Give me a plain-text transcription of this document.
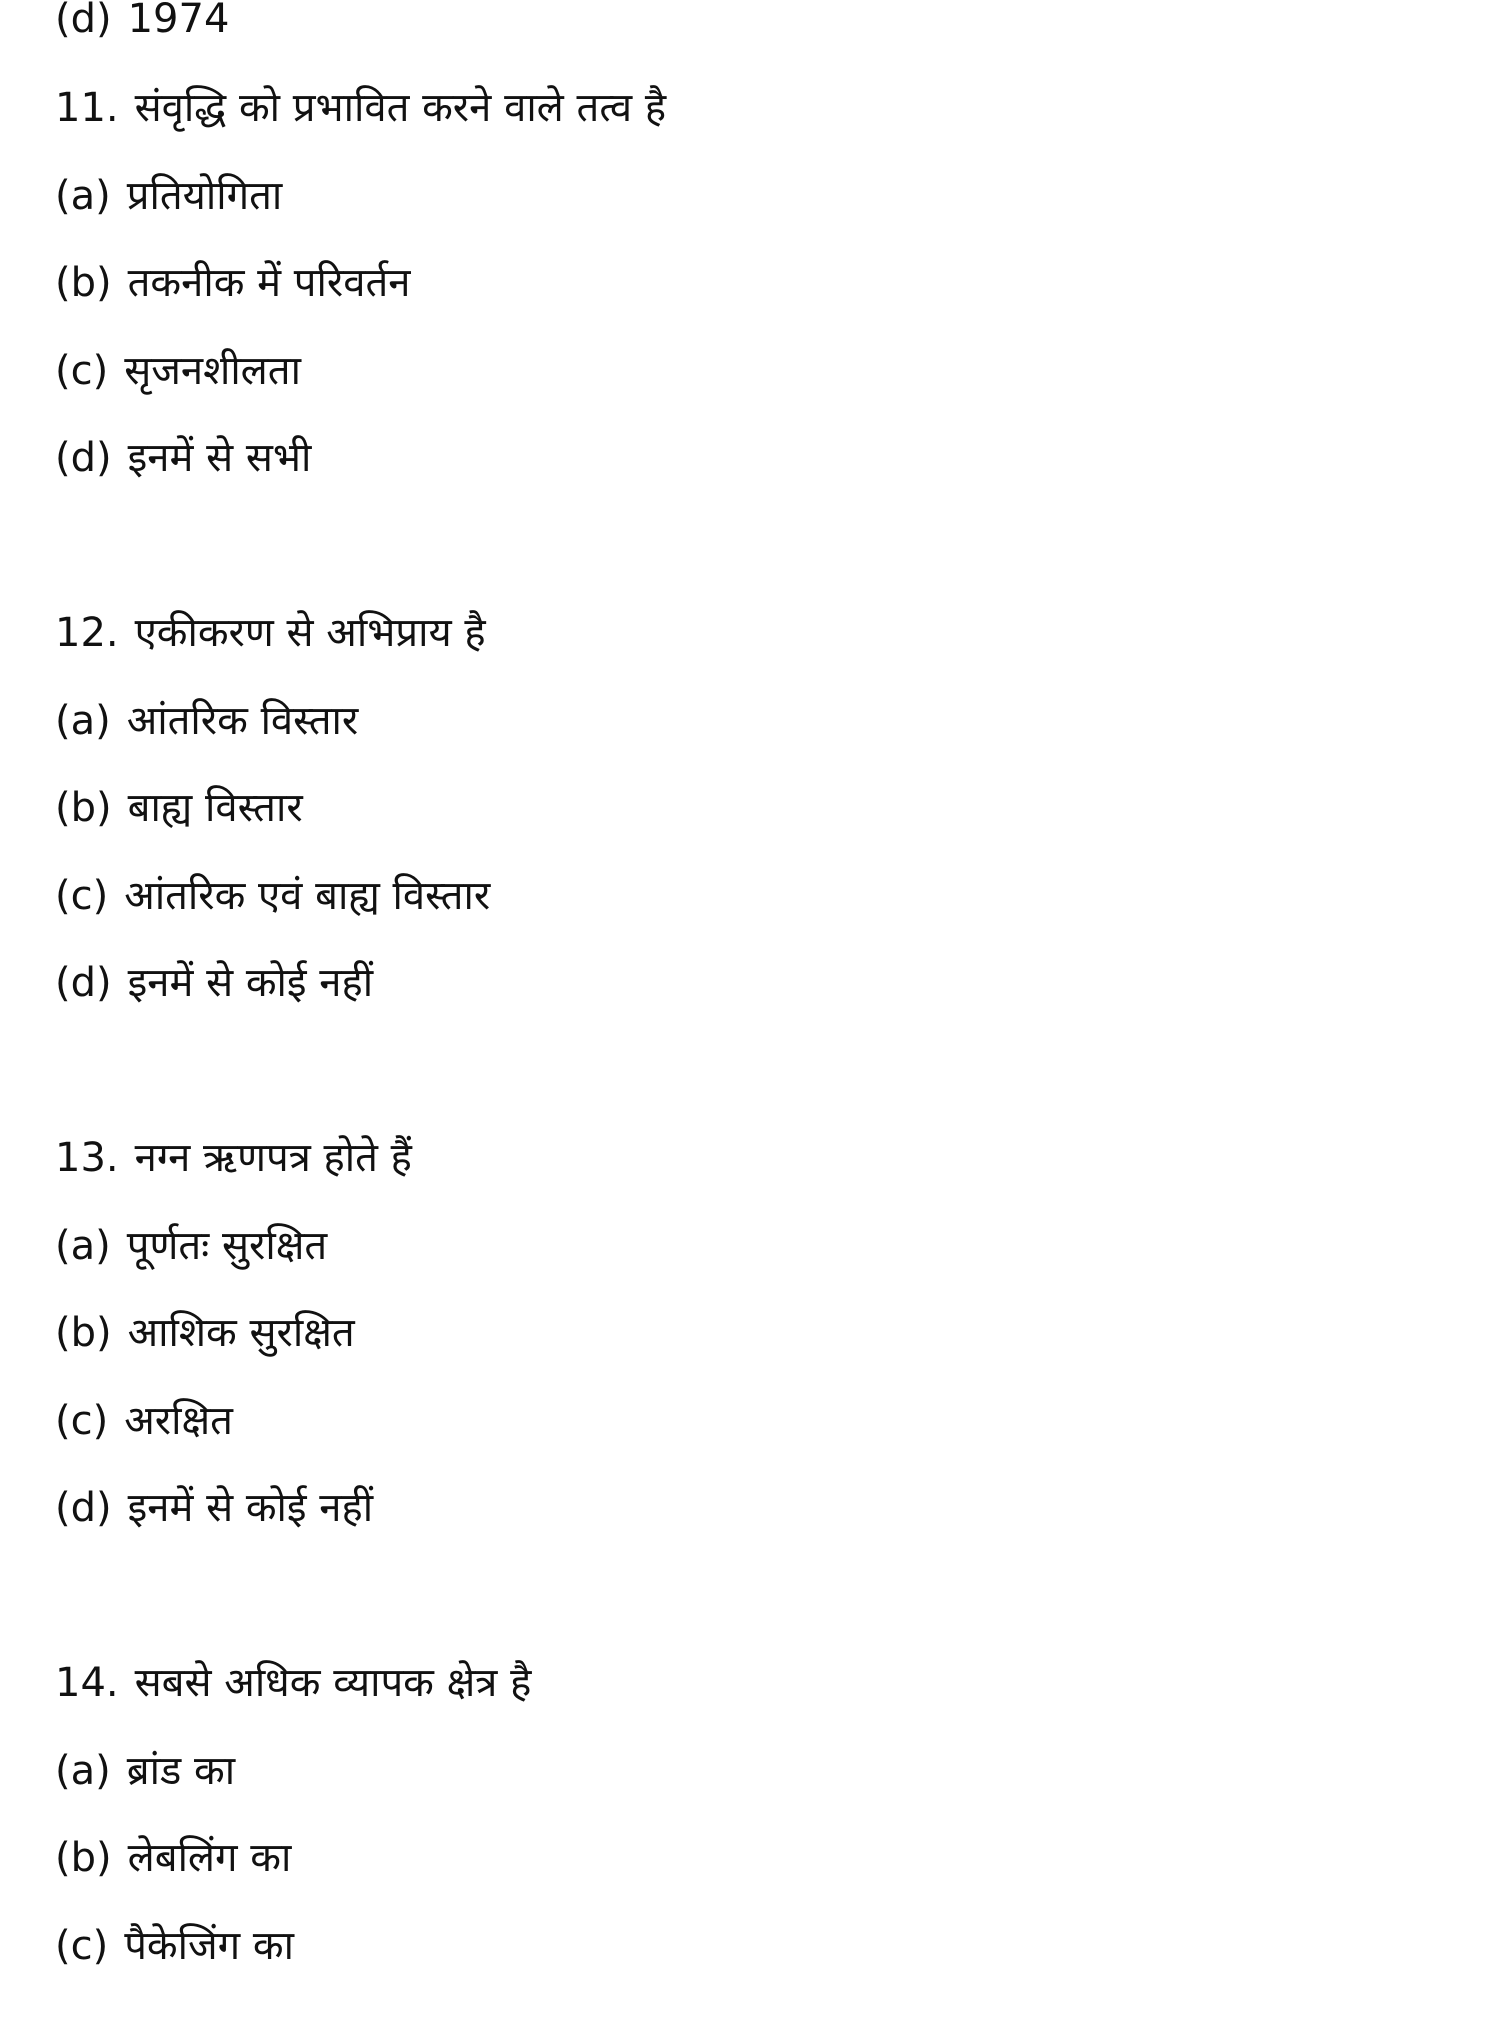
(d) 1974
11. संवृद्धि को प्रभावित करने वाले तत्व है
(a) प्रतियोगिता
(b) तकनीक में परिवर्तन
(c) सृजनशीलता
(d) इनमें से सभी
12. एकीकरण से अभिप्राय है
(a) आंतरिक विस्तार
(b) बाह्य विस्तार
(c) आंतरिक एवं बाह्य विस्तार
(d) इनमें से कोई नहीं
13. नग्न ऋणपत्र होते हैं
(a) पूर्णतः सुरक्षित
(b) आशिक सुरक्षित
(c) अरक्षित
(d) इनमें से कोई नहीं
14. सबसे अधिक व्यापक क्षेत्र है
(a) ब्रांड का
(b) लेबलिंग का
(c) पैकेजिंग का
